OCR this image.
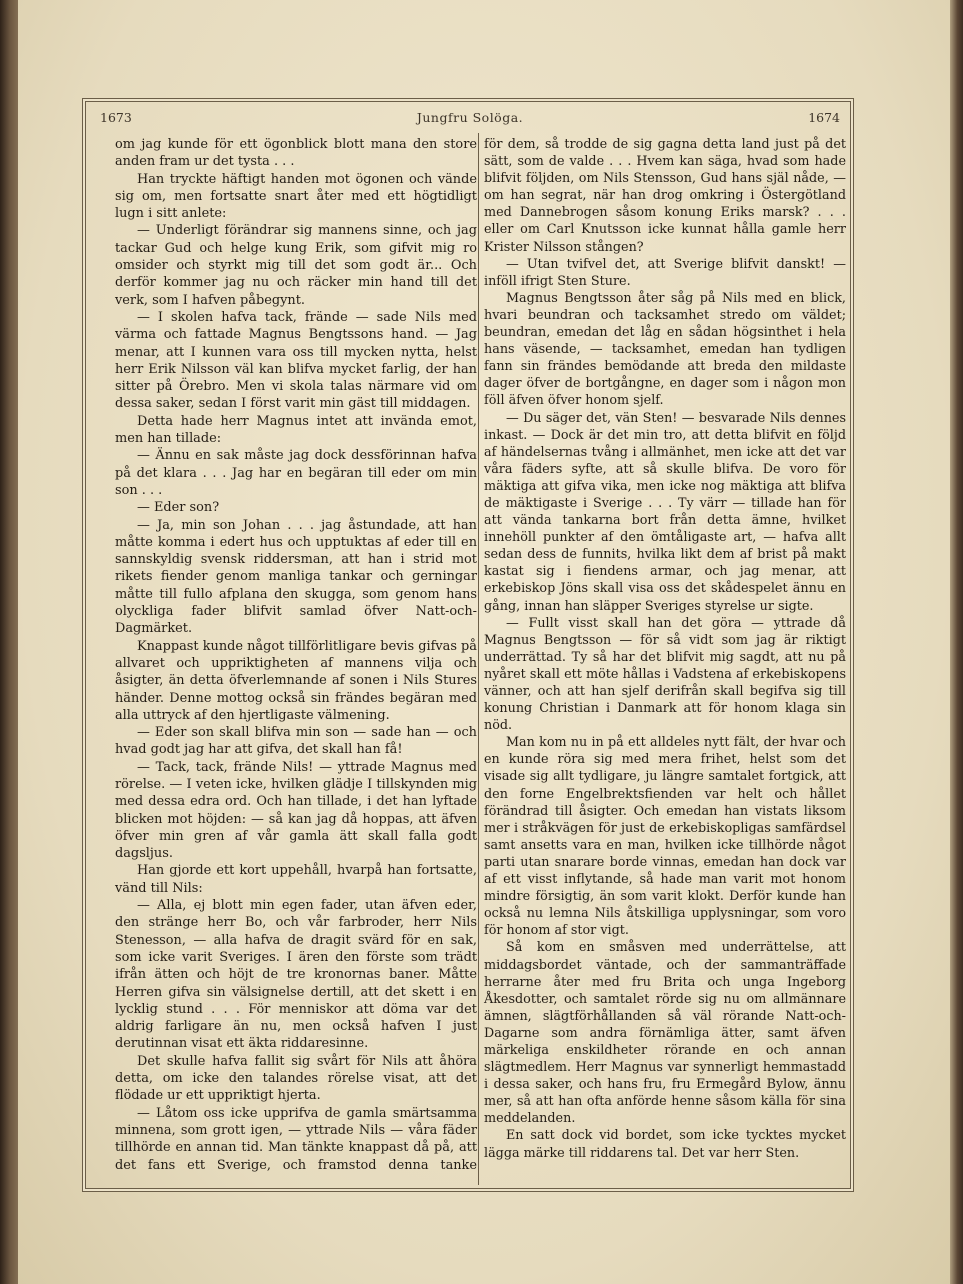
1673	Jungfru Solöga.	1674

om jag kunde för ett ögonblick blott mana den store anden fram ur det tysta . . .

Han tryckte häftigt handen mot ögonen och vände sig om, men fortsatte snart åter med ett högtidligt lugn i sitt anlete:

— Underligt förändrar sig mannens sinne, och jag tackar Gud och helge kung Erik, som gifvit mig ro omsider och styrkt mig till det som godt är... Och derför kommer jag nu och räcker min hand till det verk, som I hafven påbegynt.

— I skolen hafva tack, frände — sade Nils med värma och fattade Magnus Bengtssons hand. — Jag menar, att I kunnen vara oss till mycken nytta, helst herr Erik Nilsson väl kan blifva mycket farlig, der han sitter på Örebro. Men vi skola talas närmare vid om dessa saker, sedan I först varit min gäst till middagen.

Detta hade herr Magnus intet att invända emot, men han tillade:

— Ännu en sak måste jag dock dessförinnan hafva på det klara . . . Jag har en begäran till eder om min son . . .

— Eder son?

— Ja, min son Johan . . . jag åstundade, att han måtte komma i edert hus och upptuktas af eder till en sannskyldig svensk riddersman, att han i strid mot rikets fiender genom manliga tankar och gerningar måtte till fullo afplana den skugga, som genom hans olyckliga fader blifvit samlad öfver Natt-och-Dagmärket.

Knappast kunde något tillförlitligare bevis gifvas på allvaret och uppriktigheten af mannens vilja och åsigter, än detta öfverlemnande af sonen i Nils Stures händer. Denne mottog också sin frändes begäran med alla uttryck af den hjertligaste välmening.

— Eder son skall blifva min son — sade han — och hvad godt jag har att gifva, det skall han få!

— Tack, tack, frände Nils! — yttrade Magnus med rörelse. — I veten icke, hvilken glädje I tillskynden mig med dessa edra ord. Och han tillade, i det han lyftade blicken mot höjden: — så kan jag då hoppas, att äfven öfver min gren af vår gamla ätt skall falla godt dagsljus.

Han gjorde ett kort uppehåll, hvarpå han fortsatte, vänd till Nils:

— Alla, ej blott min egen fader, utan äfven eder, den stränge herr Bo, och vår farbroder, herr Nils Stenesson, — alla hafva de dragit svärd för en sak, som icke varit Sveriges. I ären den förste som trädt ifrån ätten och höjt de tre kronornas baner. Måtte Herren gifva sin välsignelse dertill, att det skett i en lycklig stund . . . För menniskor att döma var det aldrig farligare än nu, men också hafven I just derutinnan visat ett äkta riddaresinne.

Det skulle hafva fallit sig svårt för Nils att åhöra detta, om icke den talandes rörelse visat, att det flödade ur ett uppriktigt hjerta.

— Låtom oss icke upprifva de gamla smärtsamma minnena, som grott igen, — yttrade Nils — våra fäder tillhörde en annan tid. Man tänkte knappast då på, att det fans ett Sverige, och framstod denna tanke

för dem, så trodde de sig gagna detta land just på det sätt, som de valde . . . Hvem kan säga, hvad som hade blifvit följden, om Nils Stensson, Gud hans själ nåde, — om han segrat, när han drog omkring i Östergötland med Dannebrogen såsom konung Eriks marsk? . . . eller om Carl Knutsson icke kunnat hålla gamle herr Krister Nilsson stången?

— Utan tvifvel det, att Sverige blifvit danskt! — inföll ifrigt Sten Sture.

Magnus Bengtsson åter såg på Nils med en blick, hvari beundran och tacksamhet stredo om väldet; beundran, emedan det låg en sådan högsinthet i hela hans väsende, — tacksamhet, emedan han tydligen fann sin frändes bemödande att breda den mildaste dager öfver de bortgångne, en dager som i någon mon föll äfven öfver honom sjelf.

— Du säger det, vän Sten! — besvarade Nils dennes inkast. — Dock är det min tro, att detta blifvit en följd af händelsernas tvång i allmänhet, men icke att det var våra fäders syfte, att så skulle blifva. De voro för mäktiga att gifva vika, men icke nog mäktiga att blifva de mäktigaste i Sverige . . . Ty värr — tillade han för att vända tankarna bort från detta ämne, hvilket innehöll punkter af den ömtåligaste art, — hafva allt sedan dess de funnits, hvilka likt dem af brist på makt kastat sig i fiendens armar, och jag menar, att erkebiskop Jöns skall visa oss det skådespelet ännu en gång, innan han släpper Sveriges styrelse ur sigte.

— Fullt visst skall han det göra — yttrade då Magnus Bengtsson — för så vidt som jag är riktigt underrättad. Ty så har det blifvit mig sagdt, att nu på nyåret skall ett möte hållas i Vadstena af erkebiskopens vänner, och att han sjelf derifrån skall begifva sig till konung Christian i Danmark att för honom klaga sin nöd.

Man kom nu in på ett alldeles nytt fält, der hvar och en kunde röra sig med mera frihet, helst som det visade sig allt tydligare, ju längre samtalet fortgick, att den forne Engelbrektsfienden var helt och hållet förändrad till åsigter. Och emedan han vistats liksom mer i stråkvägen för just de erkebiskopligas samfärdsel samt ansetts vara en man, hvilken icke tillhörde något parti utan snarare borde vinnas, emedan han dock var af ett visst inflytande, så hade man varit mot honom mindre försigtig, än som varit klokt. Derför kunde han också nu lemna Nils åtskilliga upplysningar, som voro för honom af stor vigt.

Så kom en småsven med underrättelse, att middagsbordet väntade, och der sammanträffade herrarne åter med fru Brita och unga Ingeborg Åkesdotter, och samtalet rörde sig nu om allmännare ämnen, slägtförhållanden så väl rörande Natt-och-Dagarne som andra förnämliga ätter, samt äfven märkeliga enskildheter rörande en och annan slägtmedlem. Herr Magnus var synnerligt hemmastadd i dessa saker, och hans fru, fru Ermegård Bylow, ännu mer, så att han ofta anförde henne såsom källa för sina meddelanden.

En satt dock vid bordet, som icke tycktes mycket lägga märke till riddarens tal. Det var herr Sten.
